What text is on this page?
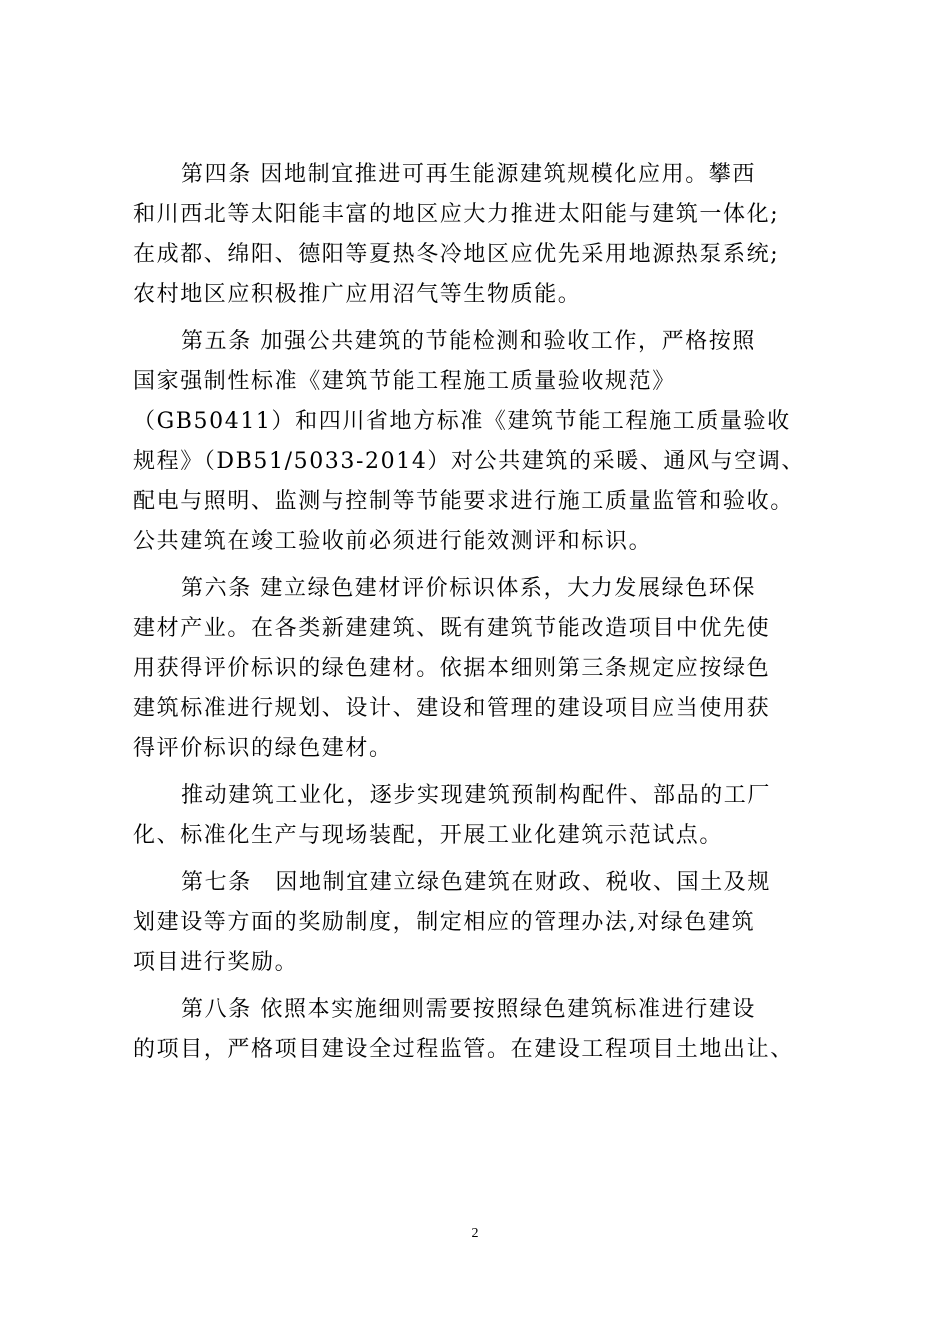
第四条 因地制宜推进可再生能源建筑规模化应用。攀西
和川西北等太阳能丰富的地区应大力推进太阳能与建筑一体化;
在成都、绵阳、德阳等夏热冬冷地区应优先采用地源热泵系统;
农村地区应积极推广应用沼气等生物质能。
第五条 加强公共建筑的节能检测和验收工作，严格按照
国家强制性标准《建筑节能工程施工质量验收规范》
（GB50411）和四川省地方标准《建筑节能工程施工质量验收
规程》（DB51/5033-2014）对公共建筑的采暖、通风与空调、
配电与照明、监测与控制等节能要求进行施工质量监管和验收。
公共建筑在竣工验收前必须进行能效测评和标识。
第六条 建立绿色建材评价标识体系，大力发展绿色环保
建材产业。在各类新建建筑、既有建筑节能改造项目中优先使
用获得评价标识的绿色建材。依据本细则第三条规定应按绿色
建筑标准进行规划、设计、建设和管理的建设项目应当使用获
得评价标识的绿色建材。
推动建筑工业化，逐步实现建筑预制构配件、部品的工厂
化、标准化生产与现场装配，开展工业化建筑示范试点。
第七条　因地制宜建立绿色建筑在财政、税收、国土及规
划建设等方面的奖励制度，制定相应的管理办法,对绿色建筑
项目进行奖励。
第八条 依照本实施细则需要按照绿色建筑标准进行建设
的项目，严格项目建设全过程监管。在建设工程项目土地出让、
2
